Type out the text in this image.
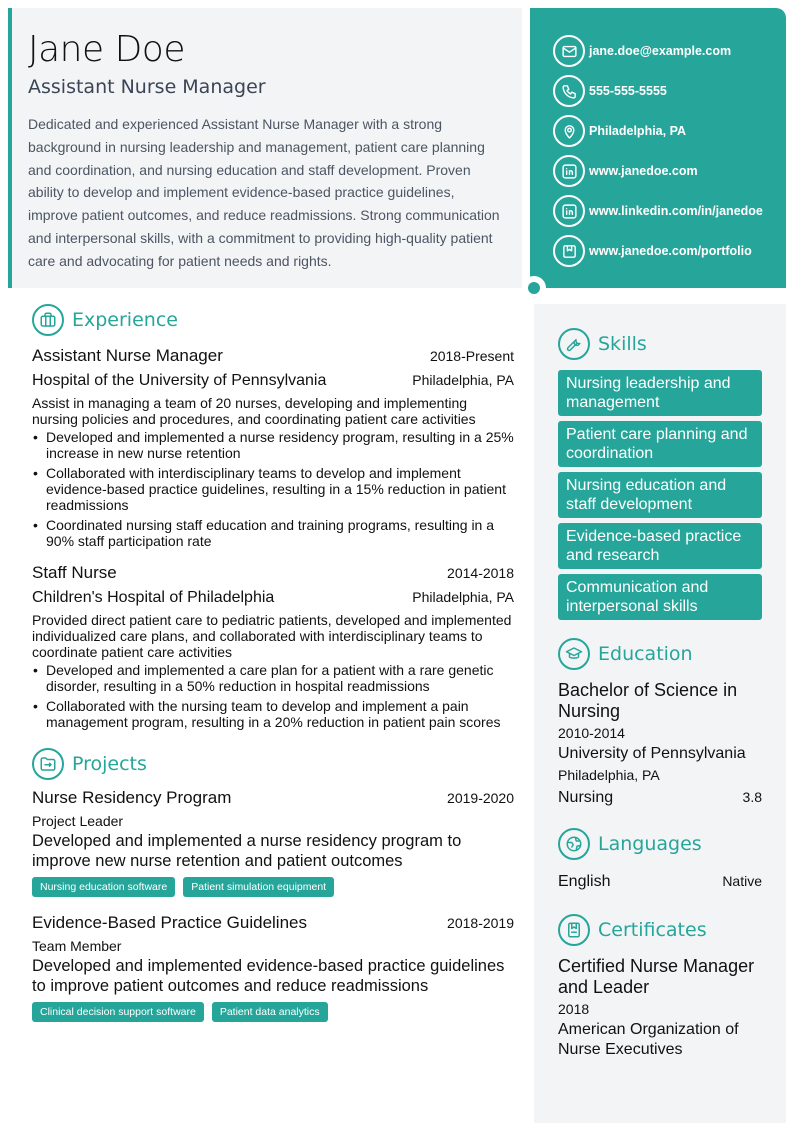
Jane Doe
Assistant Nurse Manager
Dedicated and experienced Assistant Nurse Manager with a strong background in nursing leadership and management, patient care planning and coordination, and nursing education and staff development. Proven ability to develop and implement evidence-based practice guidelines, improve patient outcomes, and reduce readmissions. Strong communication and interpersonal skills, with a commitment to providing high-quality patient care and advocating for patient needs and rights.
jane.doe@example.com
555-555-5555
Philadelphia, PA
www.janedoe.com
www.linkedin.com/in/janedoe
www.janedoe.com/portfolio
Experience
Assistant Nurse Manager	2018-Present
Hospital of the University of Pennsylvania	Philadelphia, PA
Assist in managing a team of 20 nurses, developing and implementing nursing policies and procedures, and coordinating patient care activities
• Developed and implemented a nurse residency program, resulting in a 25% increase in new nurse retention
• Collaborated with interdisciplinary teams to develop and implement evidence-based practice guidelines, resulting in a 15% reduction in patient readmissions
• Coordinated nursing staff education and training programs, resulting in a 90% staff participation rate
Staff Nurse	2014-2018
Children's Hospital of Philadelphia	Philadelphia, PA
Provided direct patient care to pediatric patients, developed and implemented individualized care plans, and collaborated with interdisciplinary teams to coordinate patient care activities
• Developed and implemented a care plan for a patient with a rare genetic disorder, resulting in a 50% reduction in hospital readmissions
• Collaborated with the nursing team to develop and implement a pain management program, resulting in a 20% reduction in patient pain scores
Projects
Nurse Residency Program	2019-2020
Project Leader
Developed and implemented a nurse residency program to improve new nurse retention and patient outcomes
Nursing education software	Patient simulation equipment
Evidence-Based Practice Guidelines	2018-2019
Team Member
Developed and implemented evidence-based practice guidelines to improve patient outcomes and reduce readmissions
Clinical decision support software	Patient data analytics
Skills
Nursing leadership and management
Patient care planning and coordination
Nursing education and staff development
Evidence-based practice and research
Communication and interpersonal skills
Education
Bachelor of Science in Nursing
2010-2014
University of Pennsylvania
Philadelphia, PA
Nursing	3.8
Languages
English	Native
Certificates
Certified Nurse Manager and Leader
2018
American Organization of Nurse Executives
